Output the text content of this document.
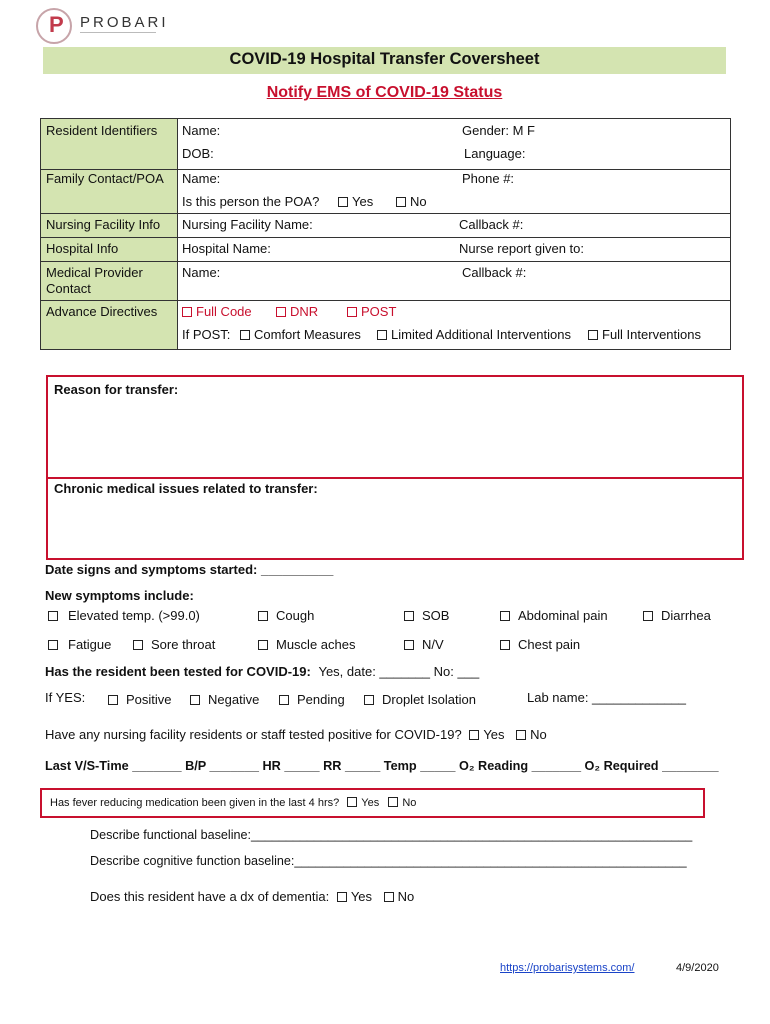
P PROBARI
COVID-19 Hospital Transfer Coversheet
Notify EMS of COVID-19 Status
Resident Identifiers Name:	Gender: M F
DOB:	Language:
Family Contact/POA Name:	Phone #:
Is this person the POA?	Yes	No
Nursing Facility Info Nursing Facility Name:	Callback #:
Hospital Info	Hospital Name:	Nurse report given to:
Medical Provider
Contact
Name:	Callback #:
Advance Directives	Full Code	DNR	POST
If POST:	Comfort Measures	Limited Additional Interventions	Full Interventions
Reason for transfer:
Chronic medical issues related to transfer:
Date signs and symptoms started: __________
New symptoms include:
Elevated temp. (>99.0)	Cough	SOB	Abdominal pain	Diarrhea
Fatigue	Sore throat	Muscle aches	N/V	Chest pain
Has the resident been tested for COVID-19: Yes, date: _______ No: ___
If YES:	Positive	Negative	Pending	Droplet Isolation	Lab name: _____________
Have any nursing facility residents or staff tested positive for COVID-19? Yes No
Last V/S-Time _______ B/P _______ HR _____ RR _____ Temp _____ O₂ Reading _______ O₂ Required ________
Has fever reducing medication been given in the last 4 hrs? Yes No
Describe functional baseline:_______________________________________________________________
Describe cognitive function baseline:________________________________________________________
Does this resident have a dx of dementia: Yes No
https://probarisystems.com/	4/9/2020
